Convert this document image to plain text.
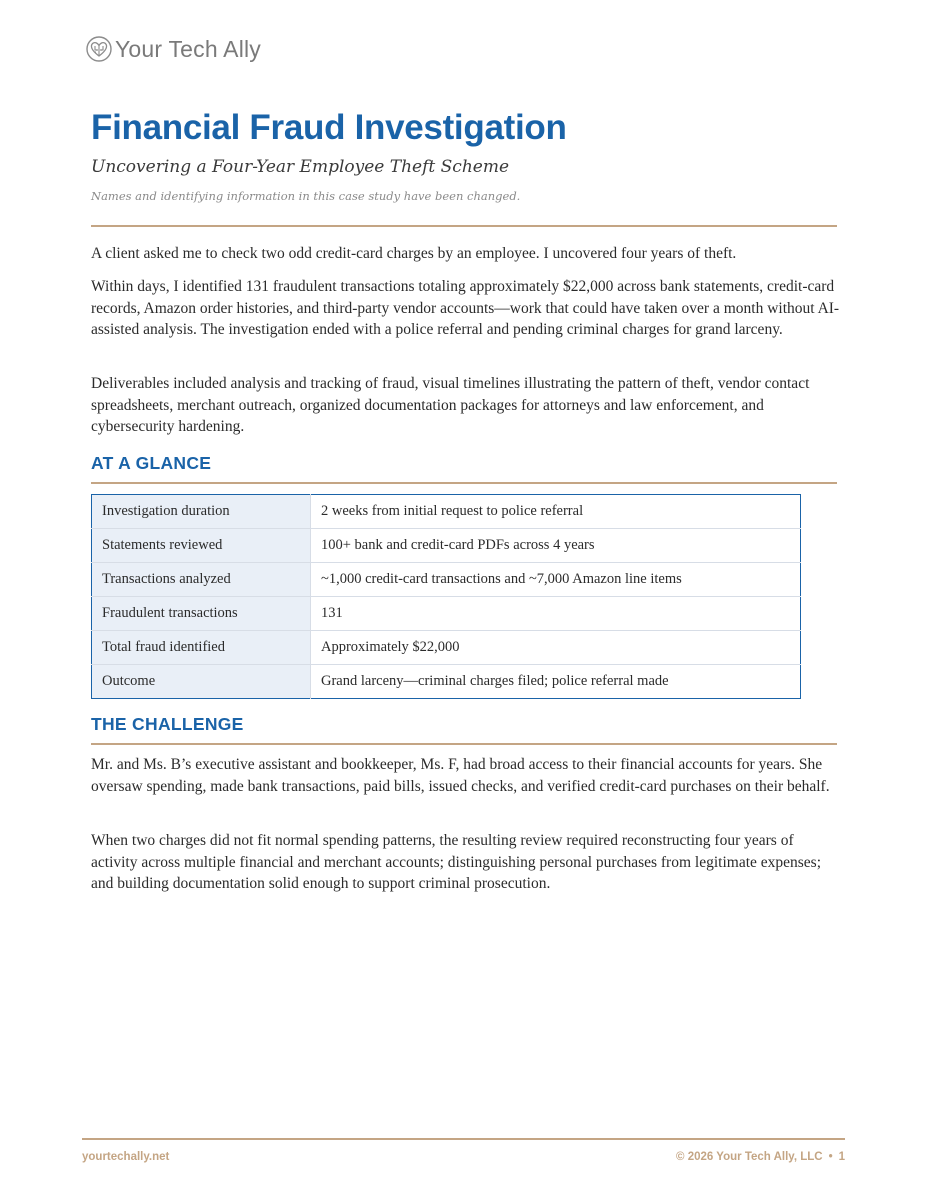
Your Tech Ally
Financial Fraud Investigation

Uncovering a Four-Year Employee Theft Scheme

Names and identifying information in this case study have been changed.

A client asked me to check two odd credit-card charges by an employee. I uncovered four years of theft.

Within days, I identified 131 fraudulent transactions totaling approximately $22,000 across bank statements, credit-card records, Amazon order histories, and third-party vendor accounts—work that could have taken over a month without AI-assisted analysis. The investigation ended with a police referral and pending criminal charges for grand larceny.

Deliverables included analysis and tracking of fraud, visual timelines illustrating the pattern of theft, vendor contact spreadsheets, merchant outreach, organized documentation packages for attorneys and law enforcement, and cybersecurity hardening.

AT A GLANCE
Investigation duration	2 weeks from initial request to police referral
Statements reviewed	100+ bank and credit-card PDFs across 4 years
Transactions analyzed	~1,000 credit-card transactions and ~7,000 Amazon line items
Fraudulent transactions	131
Total fraud identified	Approximately $22,000
Outcome	Grand larceny—criminal charges filed; police referral made
THE CHALLENGE

Mr. and Ms. B’s executive assistant and bookkeeper, Ms. F, had broad access to their financial accounts for years. She oversaw spending, made bank transactions, paid bills, issued checks, and verified credit-card purchases on their behalf.

When two charges did not fit normal spending patterns, the resulting review required reconstructing four years of activity across multiple financial and merchant accounts; distinguishing personal purchases from legitimate expenses; and building documentation solid enough to support criminal prosecution.

yourtechally.net	© 2026 Your Tech Ally, LLC • 1
